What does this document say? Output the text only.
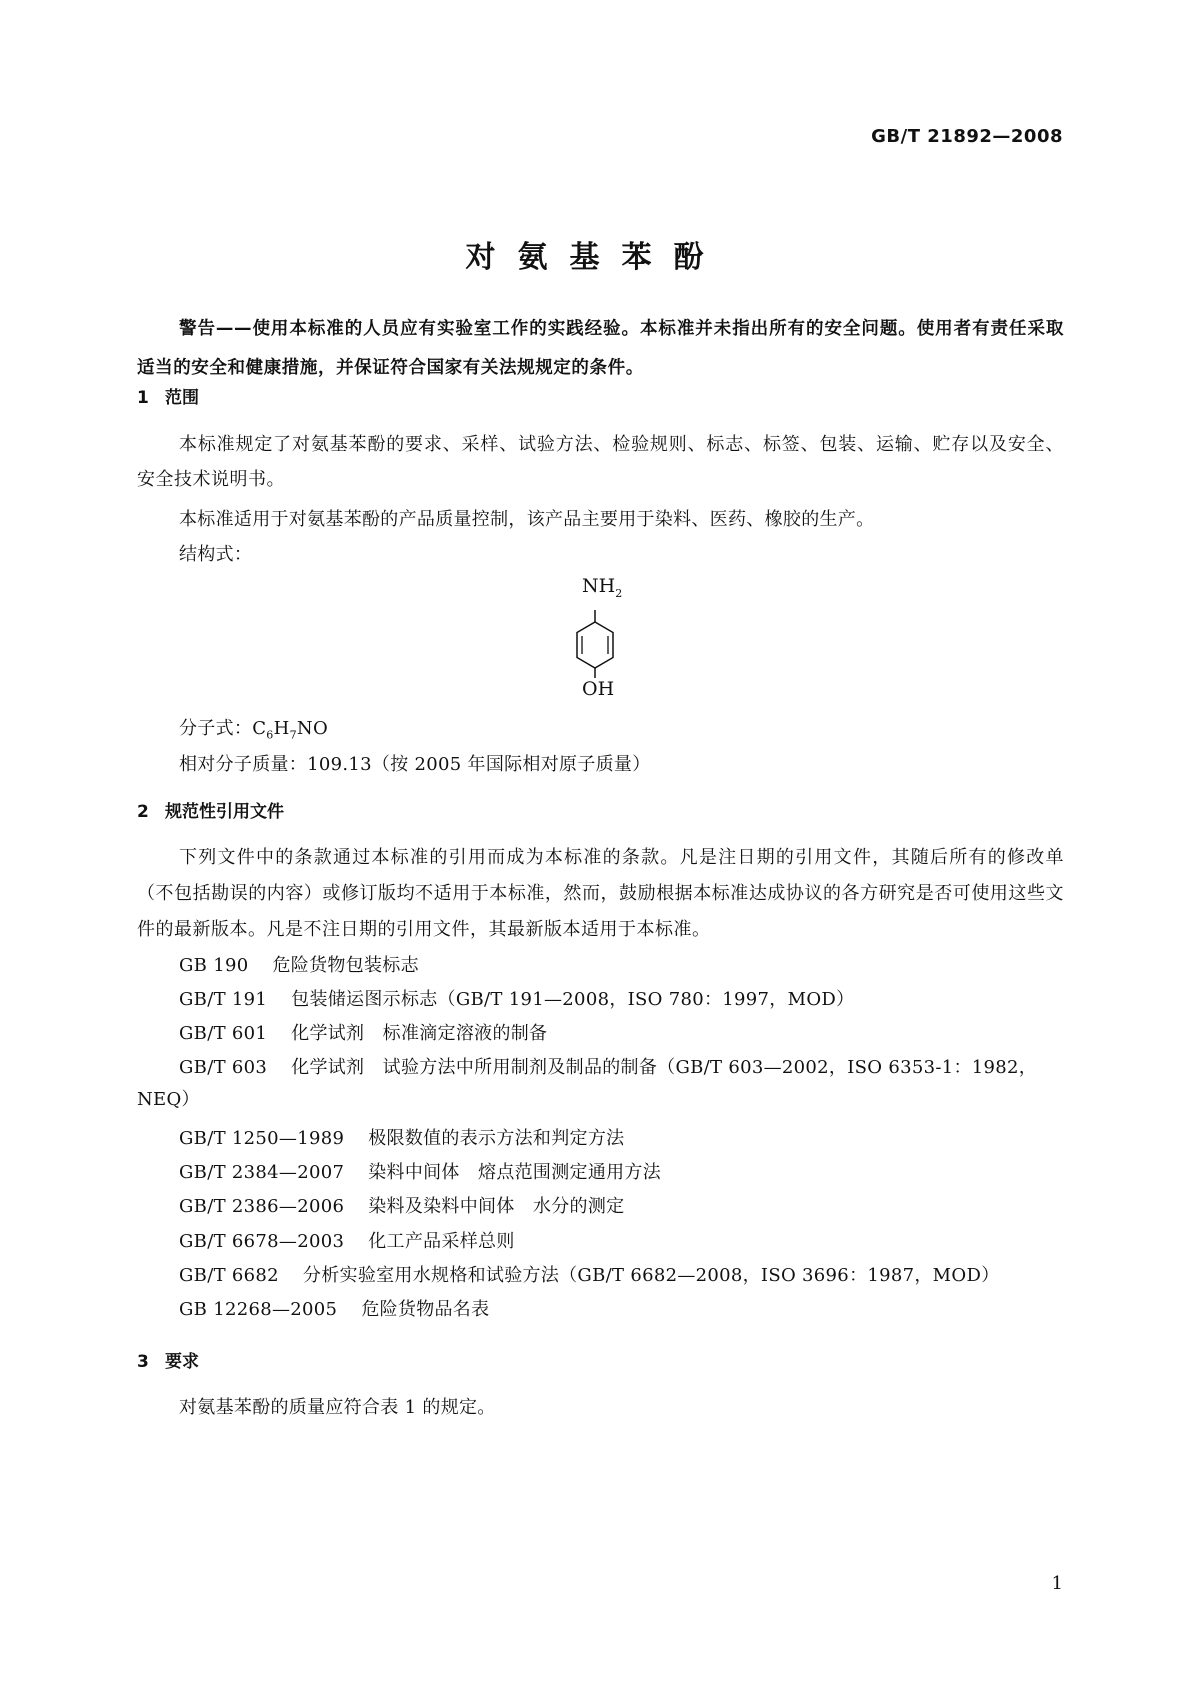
GB/T 21892—2008
对氨基苯酚
警告——使用本标准的人员应有实验室工作的实践经验。本标准并未指出所有的安全问题。使用者有责任采取适当的安全和健康措施，并保证符合国家有关法规规定的条件。
1 范围
本标准规定了对氨基苯酚的要求、采样、试验方法、检验规则、标志、标签、包装、运输、贮存以及安全、安全技术说明书。
本标准适用于对氨基苯酚的产品质量控制，该产品主要用于染料、医药、橡胶的生产。
结构式：
$NH_2$
OH
分子式：$C_6H_7NO$
相对分子质量：109.13（按 2005 年国际相对原子质量）
2 规范性引用文件
下列文件中的条款通过本标准的引用而成为本标准的条款。凡是注日期的引用文件，其随后所有的修改单（不包括勘误的内容）或修订版均不适用于本标准，然而，鼓励根据本标准达成协议的各方研究是否可使用这些文件的最新版本。凡是不注日期的引用文件，其最新版本适用于本标准。
GB 190 危险货物包装标志
GB/T 191 包装储运图示标志（GB/T 191—2008，ISO 780：1997，MOD）
GB/T 601 化学试剂　标准滴定溶液的制备
GB/T 603 化学试剂　试验方法中所用制剂及制品的制备（GB/T 603—2002，ISO 6353-1：1982，
NEQ）
GB/T 1250—1989 极限数值的表示方法和判定方法
GB/T 2384—2007 染料中间体　熔点范围测定通用方法
GB/T 2386—2006 染料及染料中间体　水分的测定
GB/T 6678—2003 化工产品采样总则
GB/T 6682 分析实验室用水规格和试验方法（GB/T 6682—2008，ISO 3696：1987，MOD）
GB 12268—2005 危险货物品名表
3 要求
对氨基苯酚的质量应符合表 1 的规定。
1
